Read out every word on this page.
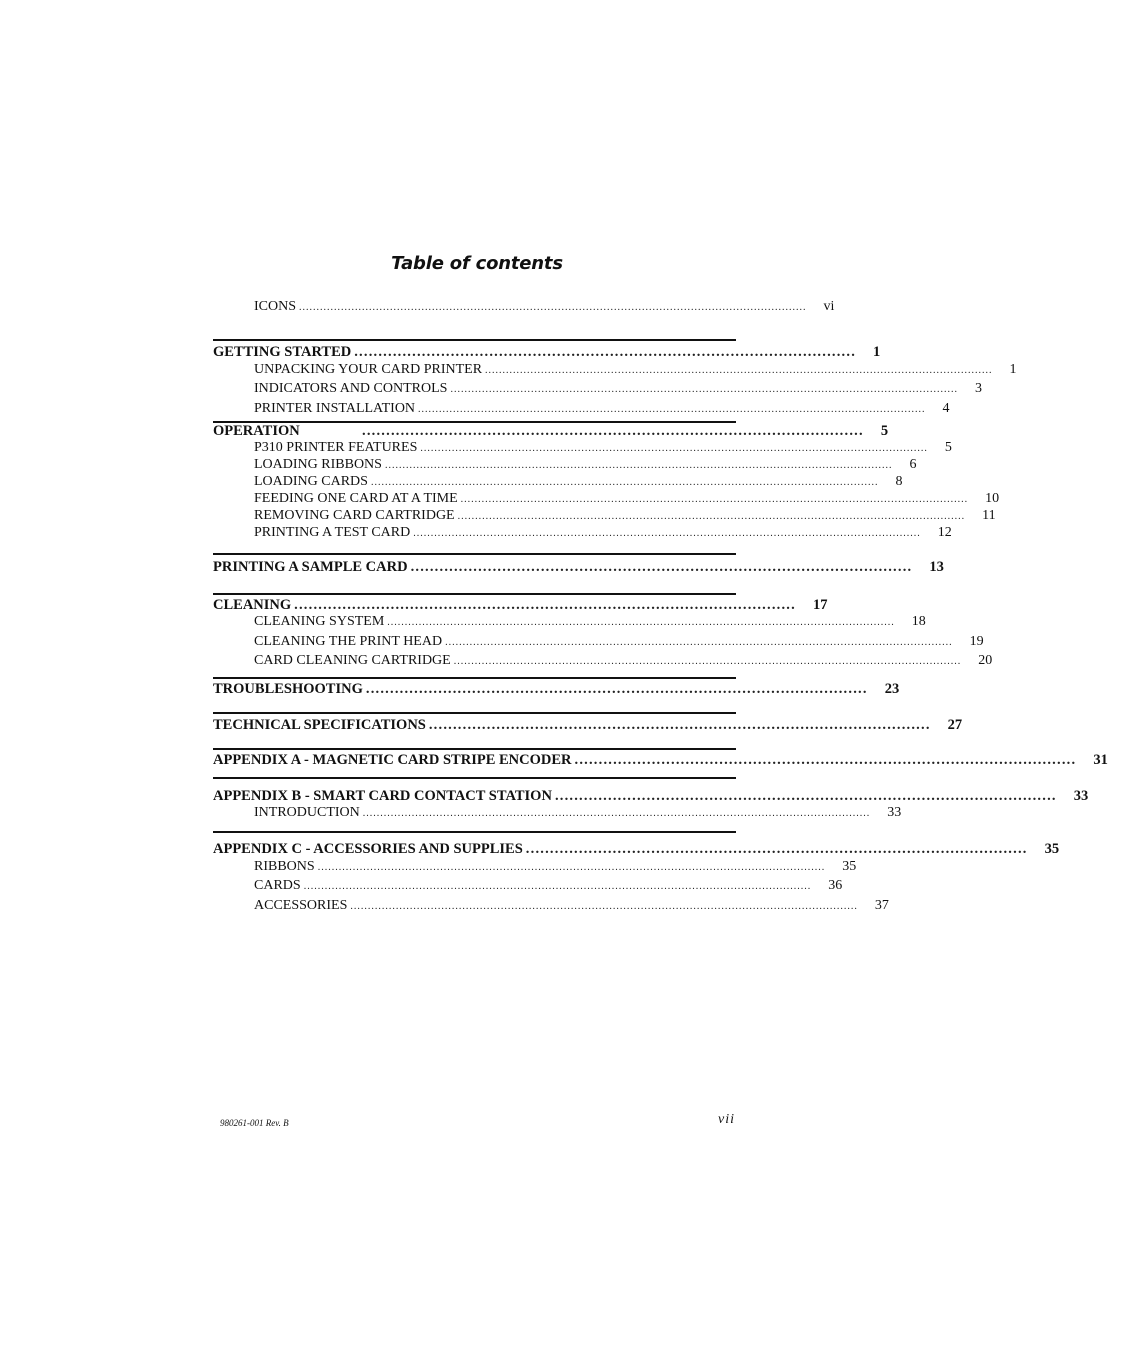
Table of contents
ICONS .................................................................................................................................................	vi
GETTING STARTED ........................................................................................................	1
UNPACKING YOUR CARD PRINTER .................................................................................................................................................	1
INDICATORS AND CONTROLS .................................................................................................................................................	3
PRINTER INSTALLATION .................................................................................................................................................	4
OPERATION	........................................................................................................	5
P310 PRINTER FEATURES .................................................................................................................................................	5
LOADING RIBBONS .................................................................................................................................................	6
LOADING CARDS .................................................................................................................................................	8
FEEDING ONE CARD AT A TIME .................................................................................................................................................	10
REMOVING CARD CARTRIDGE .................................................................................................................................................	11
PRINTING A TEST CARD .................................................................................................................................................	12
PRINTING A SAMPLE CARD ........................................................................................................	13
CLEANING ........................................................................................................	17
CLEANING SYSTEM .................................................................................................................................................	18
CLEANING THE PRINT HEAD .................................................................................................................................................	19
CARD CLEANING CARTRIDGE .................................................................................................................................................	20
TROUBLESHOOTING ........................................................................................................	23
TECHNICAL SPECIFICATIONS ........................................................................................................	27
APPENDIX A - MAGNETIC CARD STRIPE ENCODER ........................................................................................................	31
APPENDIX B - SMART CARD CONTACT STATION ........................................................................................................	33
INTRODUCTION .................................................................................................................................................	33
APPENDIX C - ACCESSORIES AND SUPPLIES ........................................................................................................	35
RIBBONS .................................................................................................................................................	35
CARDS .................................................................................................................................................	36
ACCESSORIES .................................................................................................................................................	37
980261-001 Rev. B	vii
